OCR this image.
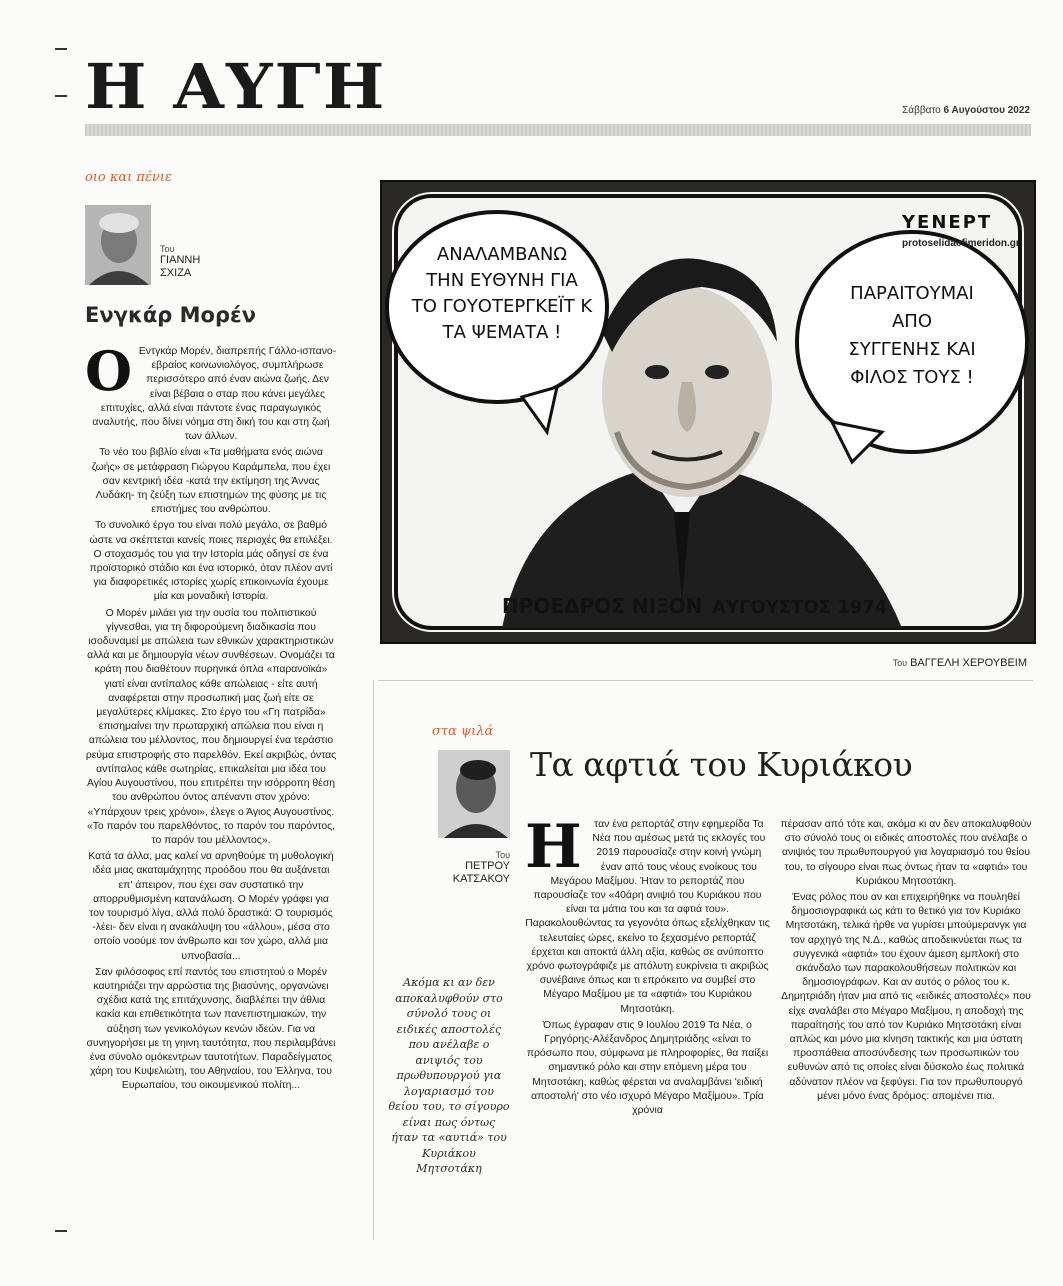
Η ΑΥΓΗ	Σάββατο 6 Αυγούστου 2022
οιο και πένιε
Του
ΓΙΑΝΝΗ
ΣΧΙΖΑ
Ενγκάρ Μορέν

Ο Εντγκάρ Μορέν, διαπρεπής Γάλλο-ισπανο-εβραίος κοινωνιολόγος, συμπλήρωσε περισσότερο από έναν αιώνα ζωής. Δεν είναι βέβαια ο σταρ που κάνει μεγάλες επιτυχίες, αλλά είναι πάντοτε ένας παραγωγικός αναλυτής, που δίνει νόημα στη δική του και στη ζωή των άλλων.

Το νέο του βιβλίο είναι «Τα μαθήματα ενός αιώνα ζωής» σε μετάφραση Γιώργου Καράμπελα, που έχει σαν κεντρική ιδέα -κατά την εκτίμηση της Άννας Λυδάκη- τη ζεύξη των επιστημών της φύσης με τις επιστήμες του ανθρώπου.

Το συνολικό έργο του είναι πολύ μεγάλο, σε βαθμό ώστε να σκέπτεται κανείς ποιες περιοχές θα επιλέξει. Ο στοχασμός του για την Ιστορία μάς οδηγεί σε ένα προϊστορικό στάδιο και ένα ιστορικό, όταν πλέον αντί για διαφορετικές ιστορίες χωρίς επικοινωνία έχουμε μία και μοναδική Ιστορία.

Ο Μορέν μιλάει για την ουσία του πολιτιστικού γίγνεσθαι, για τη διφορούμενη διαδικασία που ισοδυναμεί με απώλεια των εθνικών χαρακτηριστικών αλλά και με δημιουργία νέων συνθέσεων. Ονομάζει τα κράτη που διαθέτουν πυρηνικά όπλα «παρανοϊκά» γιατί είναι αντίπαλος κάθε απώλειας - είτε αυτή αναφέρεται στην προσωπική μας ζωή είτε σε μεγαλύτερες κλίμακες. Στο έργο του «Γη πατρίδα» επισημαίνει την πρωταρχική απώλεια που είναι η απώλεια του μέλλοντος, που δημιουργεί ένα τεράστιο ρεύμα επιστροφής στο παρελθόν. Εκεί ακριβώς, όντας αντίπαλος κάθε σωτηρίας, επικαλείται μια ιδέα του Αγίου Αυγουστίνου, που επιτρέπει την ισόρροπη θέση του ανθρώπου όντος απέναντι στον χρόνο: «Υπάρχουν τρεις χρόνοι», έλεγε ο Άγιος Αυγουστίνος. «Το παρόν του παρελθόντος, το παρόν του παρόντος, το παρόν του μέλλοντος».

Κατά τα άλλα, μας καλεί να αρνηθούμε τη μυθολογική ιδέα μιας ακαταμάχητης προόδου που θα αυξάνεται επ' άπειρον, που έχει σαν συστατικό την απορρυθμισμένη κατανάλωση. Ο Μορέν γράφει για τον τουρισμό λίγα, αλλά πολύ δραστικά: Ο τουρισμός -λέει- δεν είναι η ανακάλυψη του «άλλου», μέσα στο οποίο νοούμε τον άνθρωπο και τον χώρο, αλλά μια υπνοβασία...

Σαν φιλόσοφος επί παντός του επιστητού ο Μορέν καυτηριάζει την αρρώστια της βιασύνης, οργανώνει σχέδια κατά της επιτάχυνσης, διαβλέπει την άθλια κακία και επιθετικότητα των πανεπιστημιακών, την αύξηση των γενικολόγων κενών ιδεών. Για να συνηγορήσει με τη γηινη ταυτότητα, που περιλαμβάνει ένα σύνολο ομόκεντρων ταυτοτήτων. Παραδείγματος χάρη του Κυψελιώτη, του Αθηναίου, του Έλληνα, του Ευρωπαίου, του οικουμενικού πολίτη...

ΥΕΝΕΡΤ
protoselidaefimeridon.gr
ΑΝΑΛΑΜΒΑΝΩ
ΤΗΝ ΕΥΘΥΝΗ ΓΙΑ
ΤΟ ΓΟΥΟΤΕΡΓΚΕΪΤ Κ
ΤΑ ΨΕΜΑΤΑ !
ΠΑΡΑΙΤΟΥΜΑΙ
ΑΠΟ
ΣΥΓΓΕΝΗΣ ΚΑΙ
ΦΙΛΟΣ ΤΟΥΣ !
ΠΡΟΕΔΡΟΣ ΝΙΞΟΝ ΑΥΓΟΥΣΤΟΣ 1974
Του ΒΑΓΓΕΛΗ ΧΕΡΟΥΒΕΙΜ
στα ψιλά
Του
ΠΕΤΡΟΥ
ΚΑΤΣΑΚΟΥ
Τα αφτιά του Κυριάκου
Ακόμα κι αν δεν αποκαλυφθούν στο σύνολό τους οι ειδικές αποστολές που ανέλαβε ο ανιψιός του πρωθυπουργού για λογαριασμό του θείου του, το σίγουρο είναι πως όντως ήταν τα «αυτιά» του Κυριάκου Μητσοτάκη

Η ταν ένα ρεπορτάζ στην εφημερίδα Τα Νέα που αμέσως μετά τις εκλογές του 2019 παρουσίαζε στην κοινή γνώμη έναν από τους νέους ενοίκους του Μεγάρου Μαξίμου. Ήταν το ρεπορτάζ που παρουσίαζε τον «40άρη ανιψιό του Κυριάκου που είναι τα μάτια του και τα αφτιά του». Παρακολουθώντας τα γεγονότα όπως εξελίχθηκαν τις τελευταίες ώρες, εκείνο το ξεχασμένο ρεπορτάζ έρχεται και αποκτά άλλη αξία, καθώς σε ανύποπτο χρόνο φωτογράφιζε με απόλυτη ευκρίνεια τι ακριβώς συνέβαινε όπως και τι επρόκειτο να συμβεί στο Μέγαρο Μαξίμου με τα «αφτιά» του Κυριάκου Μητσοτάκη.

Όπως έγραφαν στις 9 Ιουλίου 2019 Τα Νέα, ο Γρηγόρης-Αλέξανδρος Δημητριάδης «είναι το πρόσωπο που, σύμφωνα με πληροφορίες, θα παίξει σημαντικό ρόλο και στην επόμενη μέρα του Μητσοτάκη, καθώς φέρεται να αναλαμβάνει 'ειδική αποστολή' στο νέο ισχυρό Μέγαρο Μαξίμου». Τρία χρόνια

πέρασαν από τότε και, ακόμα κι αν δεν αποκαλυφθούν στο σύνολό τους οι ειδικές αποστολές που ανέλαβε ο ανιψιός του πρωθυπουργού για λογαριασμό του θείου του, το σίγουρο είναι πως όντως ήταν τα «αφτιά» του Κυριάκου Μητσοτάκη.

Ένας ρόλος που αν και επιχειρήθηκε να πουληθεί δημοσιογραφικά ως κάτι το θετικό για τον Κυριάκο Μητσοτάκη, τελικά ήρθε να γυρίσει μπούμερανγκ για τον αρχηγό της Ν.Δ., καθώς αποδεικνύεται πως τα συγγενικά «αφτιά» του έχουν άμεση εμπλοκή στο σκάνδαλο των παρακολουθήσεων πολιτικών και δημοσιογράφων. Και αν αυτός ο ρόλος του κ. Δημητριάδη ήταν μια από τις «ειδικές αποστολές» που είχε αναλάβει στο Μέγαρο Μαξίμου, η αποδοχή της παραίτησής του από τον Κυριάκο Μητσοτάκη είναι απλώς και μόνο μια κίνηση τακτικής και μια ύστατη προσπάθεια αποσύνδεσης των προσωπικών του ευθυνών από τις οποίες είναι δύσκολο έως πολιτικά αδύνατον πλέον να ξεφύγει. Για τον πρωθυπουργό μένει μόνο ένας δρόμος: απομένει πια.
